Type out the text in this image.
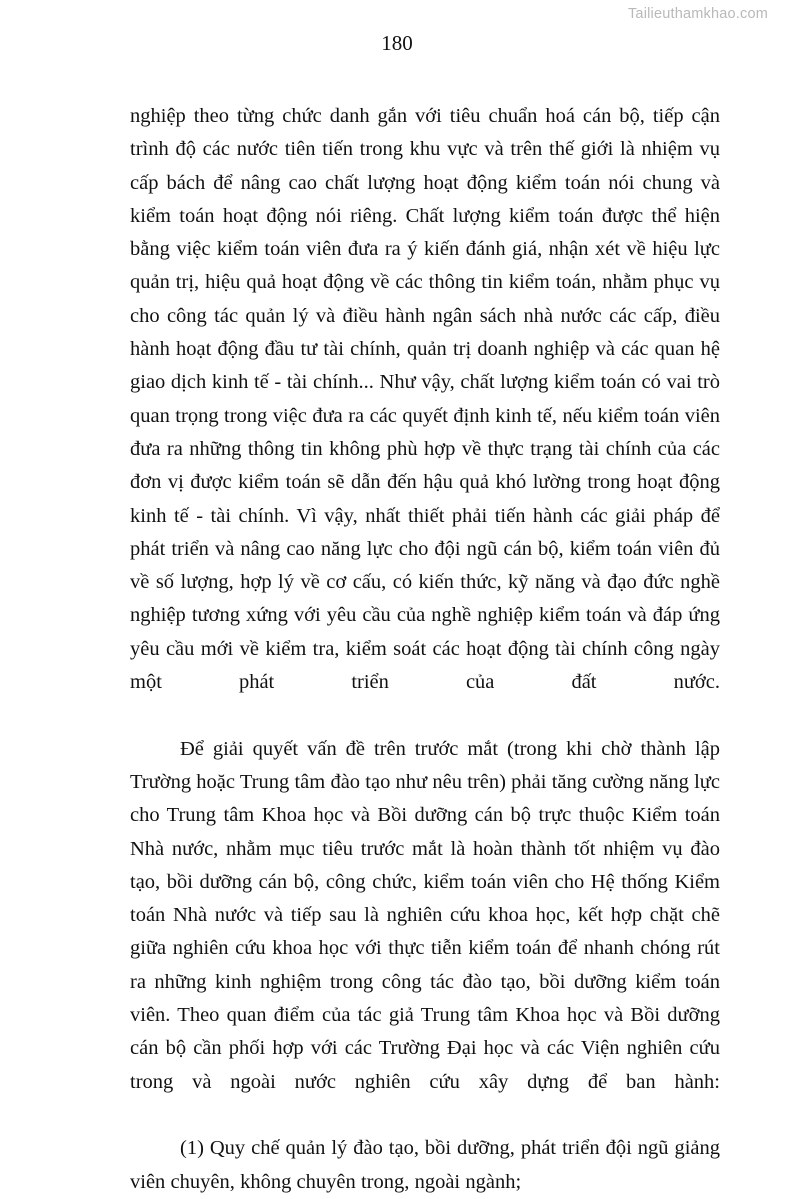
Tailieuthamkhao.com
180

nghiệp theo từng chức danh gắn với tiêu chuẩn hoá cán bộ, tiếp cận trình độ các nước tiên tiến trong khu vực và trên thế giới là nhiệm vụ cấp bách để nâng cao chất lượng hoạt động kiểm toán nói chung và kiểm toán hoạt động nói riêng. Chất lượng kiểm toán được thể hiện bằng việc kiểm toán viên đưa ra ý kiến đánh giá, nhận xét về hiệu lực quản trị, hiệu quả hoạt động về các thông tin kiểm toán, nhằm phục vụ cho công tác quản lý và điều hành ngân sách nhà nước các cấp, điều hành hoạt động đầu tư tài chính, quản trị doanh nghiệp và các quan hệ giao dịch kinh tế - tài chính... Như vậy, chất lượng kiểm toán có vai trò quan trọng trong việc đưa ra các quyết định kinh tế, nếu kiểm toán viên đưa ra những thông tin không phù hợp về thực trạng tài chính của các đơn vị được kiểm toán sẽ dẫn đến hậu quả khó lường trong hoạt động kinh tế - tài chính. Vì vậy, nhất thiết phải tiến hành các giải pháp để phát triển và nâng cao năng lực cho đội ngũ cán bộ, kiểm toán viên đủ về số lượng, hợp lý về cơ cấu, có kiến thức, kỹ năng và đạo đức nghề nghiệp tương xứng với yêu cầu của nghề nghiệp kiểm toán và đáp ứng yêu cầu mới về kiểm tra, kiểm soát các hoạt động tài chính công ngày một phát triển của đất nước.

Để giải quyết vấn đề trên trước mắt (trong khi chờ thành lập Trường hoặc Trung tâm đào tạo như nêu trên) phải tăng cường năng lực cho Trung tâm Khoa học và Bồi dưỡng cán bộ trực thuộc Kiểm toán Nhà nước, nhằm mục tiêu trước mắt là hoàn thành tốt nhiệm vụ đào tạo, bồi dưỡng cán bộ, công chức, kiểm toán viên cho Hệ thống Kiểm toán Nhà nước và tiếp sau là nghiên cứu khoa học, kết hợp chặt chẽ giữa nghiên cứu khoa học với thực tiễn kiểm toán để nhanh chóng rút ra những kinh nghiệm trong công tác đào tạo, bồi dưỡng kiểm toán viên. Theo quan điểm của tác giả Trung tâm Khoa học và Bồi dưỡng cán bộ cần phối hợp với các Trường Đại học và các Viện nghiên cứu trong và ngoài nước nghiên cứu xây dựng để ban hành:

(1) Quy chế quản lý đào tạo, bồi dưỡng, phát triển đội ngũ giảng viên chuyên, không chuyên trong, ngoài ngành;
